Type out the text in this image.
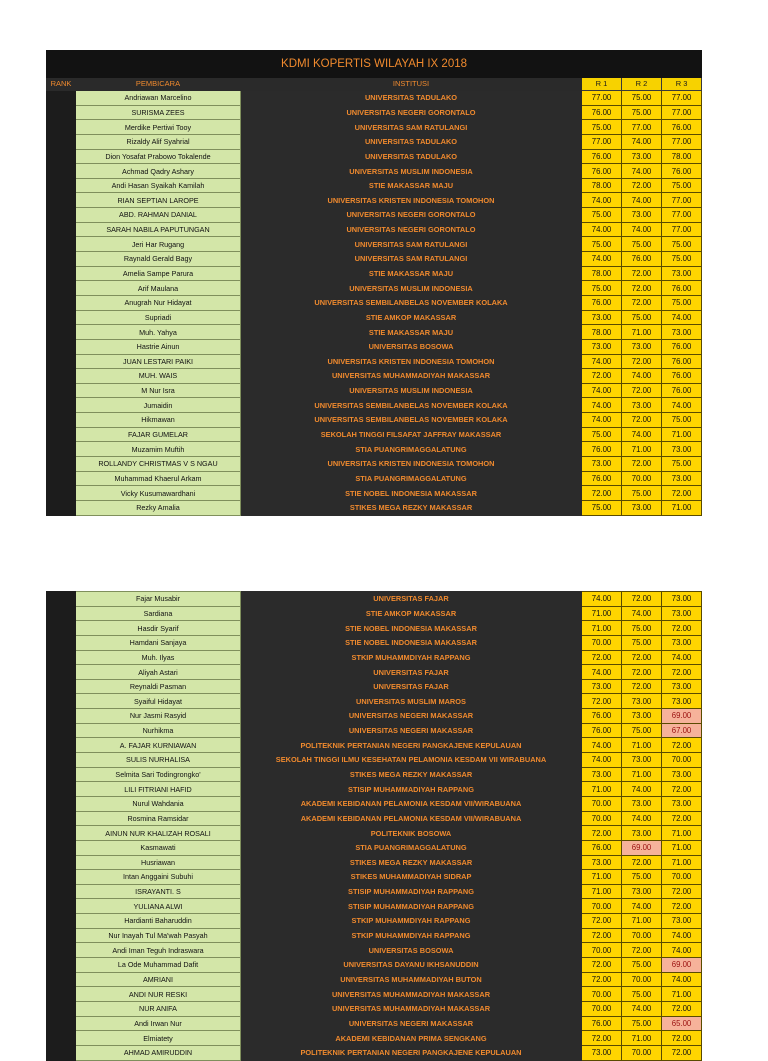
KDMI KOPERTIS WILAYAH IX 2018					
RANK	PEMBICARA	INSTITUSI	R 1	R 2	R 3
	Andriawan Marcelino	UNIVERSITAS TADULAKO	77.00	75.00	77.00
	SURISMA ZEES	UNIVERSITAS NEGERI GORONTALO	76.00	75.00	77.00
	Merdike Pertiwi Tooy	UNIVERSITAS SAM RATULANGI	75.00	77.00	76.00
	Rizaldy Alif Syahrial	UNIVERSITAS TADULAKO	77.00	74.00	77.00
	Dion Yosafat Prabowo Tokalende	UNIVERSITAS TADULAKO	76.00	73.00	78.00
	Achmad Qadry Ashary	UNIVERSITAS MUSLIM INDONESIA	76.00	74.00	76.00
	Andi Hasan Syaikah Kamilah	STIE MAKASSAR MAJU	78.00	72.00	75.00
	RIAN SEPTIAN LAROPE	UNIVERSITAS KRISTEN INDONESIA TOMOHON	74.00	74.00	77.00
	ABD. RAHMAN DANIAL	UNIVERSITAS NEGERI GORONTALO	75.00	73.00	77.00
	SARAH NABILA PAPUTUNGAN	UNIVERSITAS NEGERI GORONTALO	74.00	74.00	77.00
	Jeri Har Rugang	UNIVERSITAS SAM RATULANGI	75.00	75.00	75.00
	Raynald Gerald Bagy	UNIVERSITAS SAM RATULANGI	74.00	76.00	75.00
	Amelia Sampe Parura	STIE MAKASSAR MAJU	78.00	72.00	73.00
	Arif Maulana	UNIVERSITAS MUSLIM INDONESIA	75.00	72.00	76.00
	Anugrah Nur Hidayat	UNIVERSITAS SEMBILANBELAS NOVEMBER KOLAKA	76.00	72.00	75.00
	Supriadi	STIE AMKOP MAKASSAR	73.00	75.00	74.00
	Muh. Yahya	STIE MAKASSAR MAJU	78.00	71.00	73.00
	Hastrie Ainun	UNIVERSITAS BOSOWA	73.00	73.00	76.00
	JUAN LESTARI PAIKI	UNIVERSITAS KRISTEN INDONESIA TOMOHON	74.00	72.00	76.00
	MUH. WAIS	UNIVERSITAS MUHAMMADIYAH MAKASSAR	72.00	74.00	76.00
	M Nur Isra	UNIVERSITAS MUSLIM INDONESIA	74.00	72.00	76.00
	Jumaidin	UNIVERSITAS SEMBILANBELAS NOVEMBER KOLAKA	74.00	73.00	74.00
	Hikmawan	UNIVERSITAS SEMBILANBELAS NOVEMBER KOLAKA	74.00	72.00	75.00
	FAJAR GUMELAR	SEKOLAH TINGGI FILSAFAT JAFFRAY MAKASSAR	75.00	74.00	71.00
	Muzamim Muftih	STIA PUANGRIMAGGALATUNG	76.00	71.00	73.00
	ROLLANDY CHRISTMAS V S NGAU	UNIVERSITAS KRISTEN INDONESIA TOMOHON	73.00	72.00	75.00
	Muhammad Khaerul Arkam	STIA PUANGRIMAGGALATUNG	76.00	70.00	73.00
	Vicky Kusumawardhani	STIE NOBEL INDONESIA MAKASSAR	72.00	75.00	72.00
	Rezky Amalia	STIKES MEGA REZKY MAKASSAR	75.00	73.00	71.00
	Fajar Musabir	UNIVERSITAS FAJAR	74.00	72.00	73.00
	Sardiana	STIE AMKOP MAKASSAR	71.00	74.00	73.00
	Hasdir Syarif	STIE NOBEL INDONESIA MAKASSAR	71.00	75.00	72.00
	Hamdani Sanjaya	STIE NOBEL INDONESIA MAKASSAR	70.00	75.00	73.00
	Muh. Ilyas	STKIP MUHAMMDIYAH RAPPANG	72.00	72.00	74.00
	Aliyah Astari	UNIVERSITAS FAJAR	74.00	72.00	72.00
	Reynaldi Pasman	UNIVERSITAS FAJAR	73.00	72.00	73.00
	Syaiful Hidayat	UNIVERSITAS MUSLIM MAROS	72.00	73.00	73.00
	Nur Jasmi Rasyid	UNIVERSITAS NEGERI MAKASSAR	76.00	73.00	69.00
	Nurhikma	UNIVERSITAS NEGERI MAKASSAR	76.00	75.00	67.00
	A. FAJAR KURNIAWAN	POLITEKNIK PERTANIAN NEGERI PANGKAJENE KEPULAUAN	74.00	71.00	72.00
	SULIS NURHALISA	SEKOLAH TINGGI ILMU KESEHATAN PELAMONIA KESDAM VII WIRABUANA	74.00	73.00	70.00
	Selmita Sari Todingrongko'	STIKES MEGA REZKY MAKASSAR	73.00	71.00	73.00
	LILI FITRIANI HAFID	STISIP MUHAMMADIYAH RAPPANG	71.00	74.00	72.00
	Nurul Wahdania	AKADEMI KEBIDANAN PELAMONIA KESDAM VII/WIRABUANA	70.00	73.00	73.00
	Rosmina Ramsidar	AKADEMI KEBIDANAN PELAMONIA KESDAM VII/WIRABUANA	70.00	74.00	72.00
	AINUN NUR KHALIZAH ROSALI	POLITEKNIK BOSOWA	72.00	73.00	71.00
	Kasmawati	STIA PUANGRIMAGGALATUNG	76.00	69.00	71.00
	Husriawan	STIKES MEGA REZKY MAKASSAR	73.00	72.00	71.00
	Intan Anggaini Subuhi	STIKES MUHAMMADIYAH SIDRAP	71.00	75.00	70.00
	ISRAYANTI. S	STISIP MUHAMMADIYAH RAPPANG	71.00	73.00	72.00
	YULIANA ALWI	STISIP MUHAMMADIYAH RAPPANG	70.00	74.00	72.00
	Hardianti Baharuddin	STKIP MUHAMMDIYAH RAPPANG	72.00	71.00	73.00
	Nur Inayah Tul Ma'wah Pasyah	STKIP MUHAMMDIYAH RAPPANG	72.00	70.00	74.00
	Andi Iman Teguh Indraswara	UNIVERSITAS BOSOWA	70.00	72.00	74.00
	La Ode Muhammad Dafit	UNIVERSITAS DAYANU IKHSANUDDIN	72.00	75.00	69.00
	AMRIANI	UNIVERSITAS MUHAMMADIYAH BUTON	72.00	70.00	74.00
	ANDI NUR RESKI	UNIVERSITAS MUHAMMADIYAH MAKASSAR	70.00	75.00	71.00
	NUR ANIFA	UNIVERSITAS MUHAMMADIYAH MAKASSAR	70.00	74.00	72.00
	Andi Irwan Nur	UNIVERSITAS NEGERI MAKASSAR	76.00	75.00	65.00
	Elmiatety	AKADEMI KEBIDANAN PRIMA SENGKANG	72.00	71.00	72.00
	AHMAD AMIRUDDIN	POLITEKNIK PERTANIAN NEGERI PANGKAJENE KEPULAUAN	73.00	70.00	72.00
